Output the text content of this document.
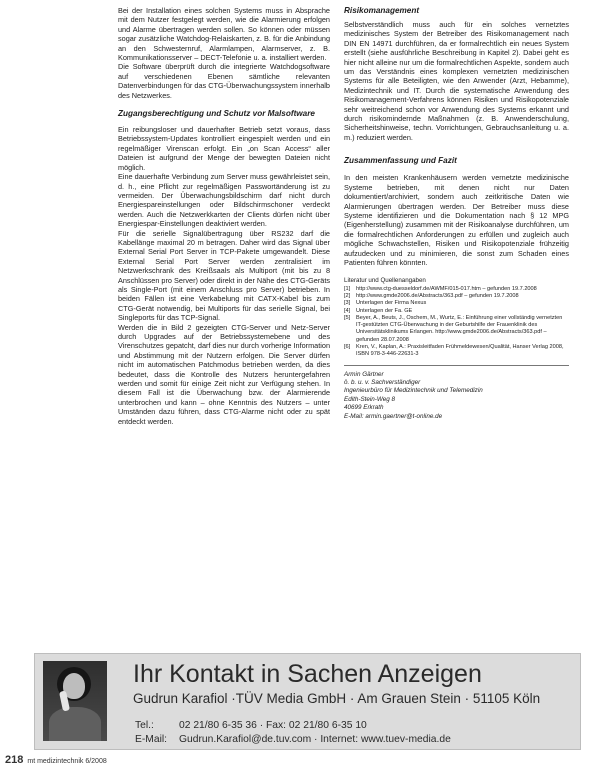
Bei der Installation eines solchen Systems muss in Absprache mit dem Nutzer festgelegt werden, wie die Alarmierung erfolgen und Alarme übertragen werden sollen. So können oder müssen sogar zusätzliche Watchdog-Relaiskarten, z. B. für die Anbindung an den Schwesternruf, Alarmlampen, Alarmserver, z. B. Kommunikationsserver – DECT-Telefonie u. a. installiert werden.

Die Software überprüft durch die integrierte Watchdogsoftware auf verschiedenen Ebenen sämtliche relevanten Datenverbindungen für das CTG-Überwachungssystem innerhalb des Netzwerkes.

Zugangsberechtigung und Schutz vor Malsoftware

Ein reibungsloser und dauerhafter Betrieb setzt voraus, dass Betriebssystem-Updates kontrolliert eingespielt werden und ein regelmäßiger Virenscan erfolgt. Ein „on Scan Access“ aller Dateien ist aufgrund der Menge der bewegten Dateien nicht möglich.

Eine dauerhafte Verbindung zum Server muss gewährleistet sein, d. h., eine Pflicht zur regelmäßigen Passwortänderung ist zu vermeiden. Der Überwachungsbildschirm darf nicht durch Energiespareinstellungen oder Bildschirmschoner verdeckt werden. Auch die Netzwerkkarten der Clients dürfen nicht über Energiespar-Einstellungen deaktiviert werden.

Für die serielle Signalübertragung über RS232 darf die Kabellänge maximal 20 m betragen. Daher wird das Signal über External Serial Port Server in TCP-Pakete umgewandelt. Diese External Serial Port Server werden zentralisiert im Netzwerkschrank des Kreißsaals als Multiport (mit bis zu 8 Anschlüssen pro Server) oder direkt in der Nähe des CTG-Geräts als Single-Port (mit einem Anschluss pro Server) betrieben. In beiden Fällen ist eine Verkabelung mit CATX-Kabel bis zum CTG-Gerät notwendig, bei Multiports für das serielle Signal, bei Singleports für das TCP-Signal.

Werden die in Bild 2 gezeigten CTG-Server und Netz-Server durch Upgrades auf der Betriebssystemebene und des Virenschutzes gepatcht, darf dies nur durch vorherige Information und Abstimmung mit der Nutzern erfolgen. Die Server dürfen nicht im automatischen Patchmodus betrieben werden, da dies bedeutet, dass die Kontrolle des Nutzers heruntergefahren werden und somit für einige Zeit nicht zur Verfügung stehen. In diesem Fall ist die Überwachung bzw. der Alarmierende unterbrochen und kann – ohne Kenntnis des Nutzers – unter Umständen dazu führen, dass CTG-Alarme nicht oder zu spät entdeckt werden.

Risikomanagement

Selbstverständlich muss auch für ein solches vernetztes medizinisches System der Betreiber des Risikomanagement nach DIN EN 14971 durchführen, da er formalrechtlich ein neues System erstellt (siehe ausführliche Beschreibung in Kapitel 2). Dabei geht es hier nicht alleine nur um die formalrechtlichen Aspekte, sondern auch um das Verständnis eines komplexen vernetzten medizinischen Systems für alle Beteiligten, wie den Anwender (Arzt, Hebamme), Medizintechnik und IT. Durch die systematische Anwendung des Risikomanagement-Verfahrens können Risiken und Risikopotenziale sehr weitreichend schon vor Anwendung des Systems erkannt und durch risikomindernde Maßnahmen (z. B. Anwenderschulung, Sicherheitshinweise, techn. Vorrichtungen, Gebrauchsanleitung u. a. m.) reduziert werden.

Zusammenfassung und Fazit

In den meisten Krankenhäusern werden vernetzte medizinische Systeme betrieben, mit denen nicht nur Daten dokumentiert/archiviert, sondern auch zeitkritische Daten wie Alarmierungen übertragen werden. Der Betreiber muss diese Systeme identifizieren und die Dokumentation nach § 12 MPG (Eigenherstellung) zusammen mit der Risikoanalyse durchführen, um die formalrechtlichen Anforderungen zu erfüllen und zugleich auch mögliche Schwachstellen, Risiken und Risikopotenziale frühzeitig aufzudecken und zu minimieren, die sonst zum Schaden eines Patienten führen könnten.

Literatur und Quellenangaben
[1]	http://www.ctg-duesseldorf.de/AWMF/015-017.htm – gefunden 19.7.2008
[2]	http://www.gmde2006.de/Abstracts/363.pdf – gefunden 19.7.2008
[3]	Unterlagen der Firma Nexus
[4]	Unterlagen der Fa. GE
[5]	Beyer, A., Beuts, J., Oschem, M., Wurtz, E.: Einführung einer vollständig vernetzten IT-gestützten CTG-Überwachung in der Geburtshilfe der Frauenklinik des Universitätsklinikums Erlangen. http://www.gmde2006.de/Abstracts/363.pdf – gefunden 28.07.2008
[6]	Kren, V., Kaplan, A.: Praxisleitfaden Frühmeldewesen/Qualität, Hanser Verlag 2008, ISBN 978-3-446-22631-3
Armin Gärtner
ö. b. u. v. Sachverständiger
Ingenieurbüro für Medizintechnik und Telemedizin
Edith-Stein-Weg 8
40699 Erkrath
E-Mail: armin.gaertner@t-online.de
Ihr Kontakt in Sachen Anzeigen
Gudrun Karafiol ·TÜV Media GmbH · Am Grauen Stein · 51105 Köln
Tel.: 02 21/80 6-35 36 · Fax: 02 21/80 6-35 10
E-Mail: Gudrun.Karafiol@de.tuv.com · Internet: www.tuev-media.de
218 mt medizintechnik 6/2008
